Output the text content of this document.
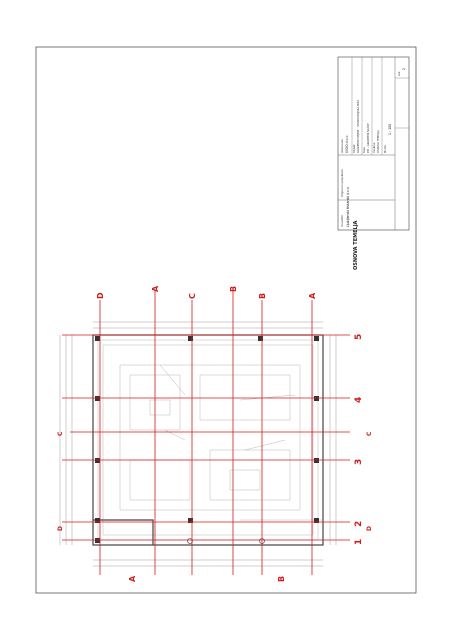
Izdelovalec VISIO d.o.o.	Objekt GRADBENI OBJEKT - STANOVANJSKA HIŠA	Faza PZI - GRADBENI NAČRT	Vsebina OSNOVA TEMELJA	Merilo
1 : 100
List
2
Investitor Ljubljanski tiskarski d.o.o.
Odgovorni projektant
OSNOVA TEMELJA
D
A
C
B
B	A
A	B
5
4
3
2
1
C	C
D	D
